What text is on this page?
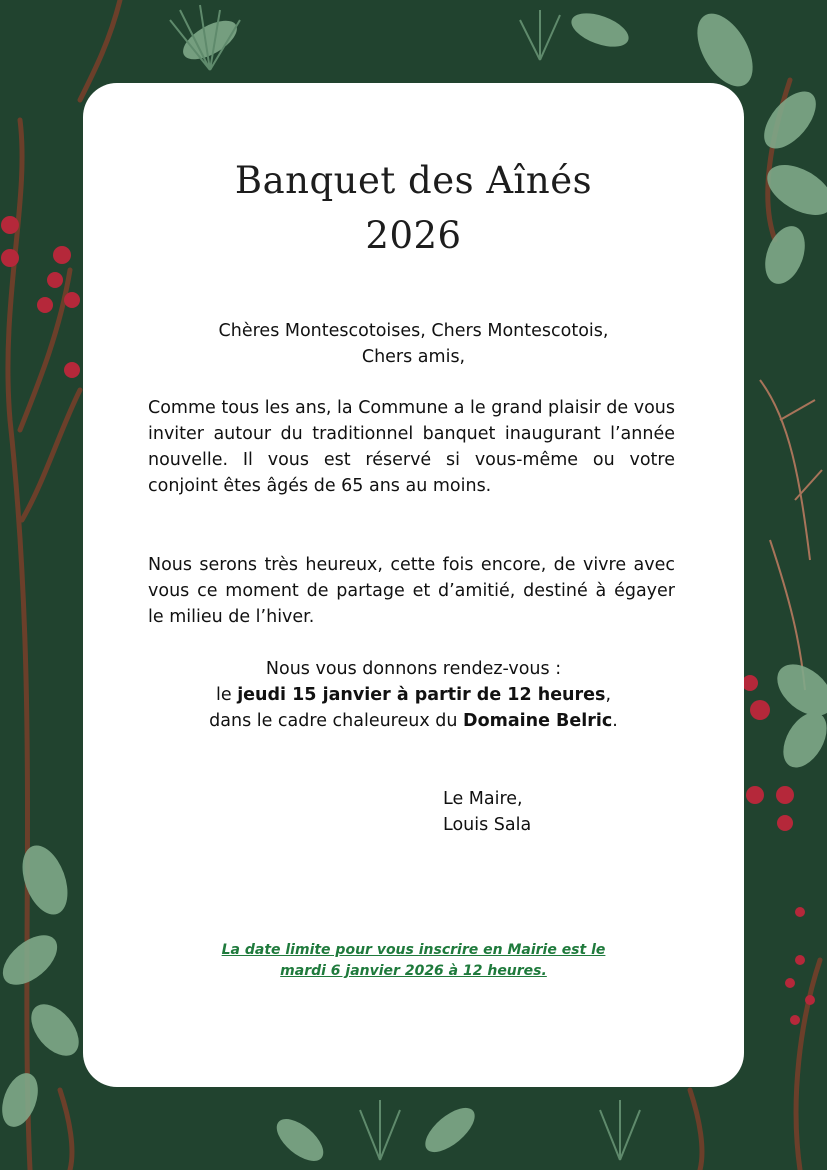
Banquet des Aînés
2026
Chères Montescotoises, Chers Montescotois,
Chers amis,
Comme tous les ans, la Commune a le grand plaisir de vous inviter autour du traditionnel banquet inaugurant l’année nouvelle. Il vous est réservé si vous-même ou votre conjoint êtes âgés de 65 ans au moins.
Nous serons très heureux, cette fois encore, de vivre avec vous ce moment de partage et d’amitié, destiné à égayer le milieu de l’hiver.
Nous vous donnons rendez-vous :
le jeudi 15 janvier à partir de 12 heures,
dans le cadre chaleureux du Domaine Belric.
Le Maire,
Louis Sala
La date limite pour vous inscrire en Mairie est le
mardi 6 janvier 2026 à 12 heures.
